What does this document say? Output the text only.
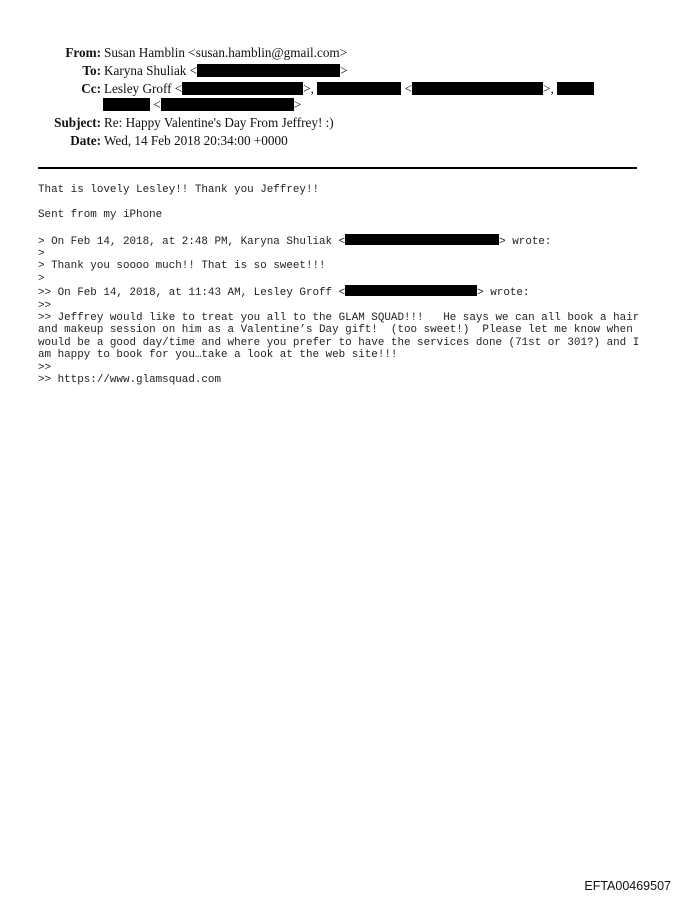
From: Susan Hamblin <susan.hamblin@gmail.com>
To: Karyna Shuliak <	>
Cc: Lesley Groff <	>,	<	>,
<	>
Subject: Re: Happy Valentine's Day From Jeffrey! :)
Date: Wed, 14 Feb 2018 20:34:00 +0000
That is lovely Lesley!! Thank you Jeffrey!!

Sent from my iPhone

> On Feb 14, 2018, at 2:48 PM, Karyna Shuliak <	> wrote:
>
> Thank you soooo much!! That is so sweet!!!
>
>> On Feb 14, 2018, at 11:43 AM, Lesley Groff <	> wrote:
>>
>> Jeffrey would like to treat you all to the GLAM SQUAD!!!   He says we can all book a hair
and makeup session on him as a Valentine’s Day gift!  (too sweet!)  Please let me know when
would be a good day/time and where you prefer to have the services done (71st or 301?) and I
am happy to book for you…take a look at the web site!!!
>>
>> https://www.glamsquad.com
EFTA00469507
